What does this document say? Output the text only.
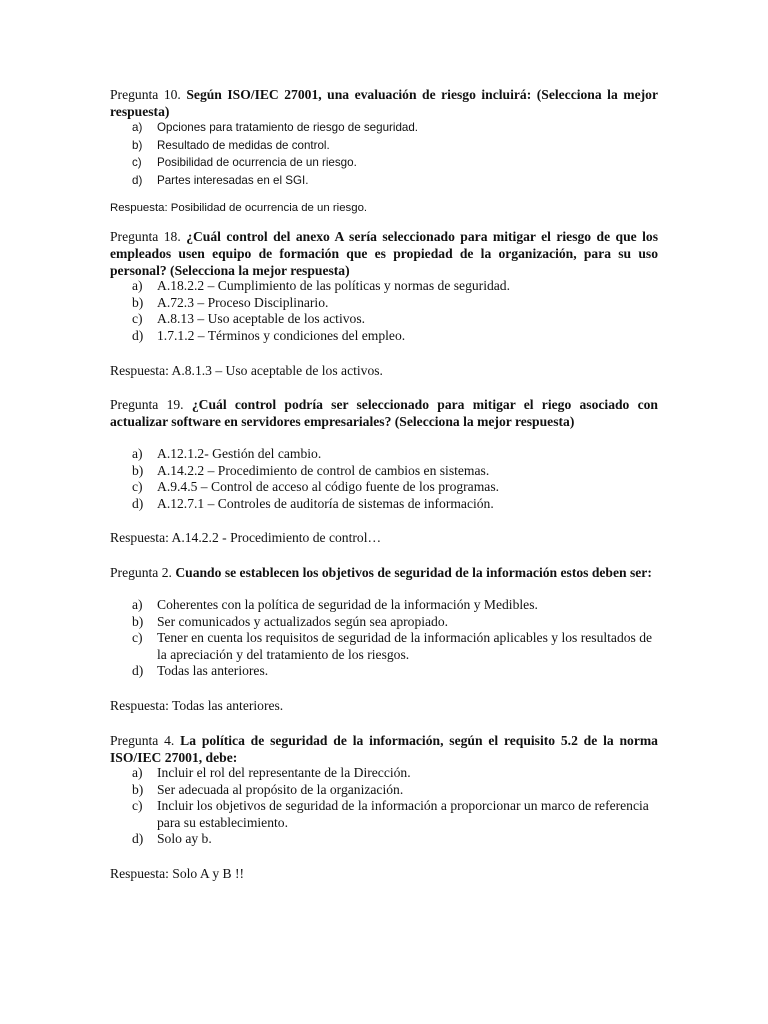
Pregunta 10. Según ISO/IEC 27001, una evaluación de riesgo incluirá: (Selecciona la mejor respuesta)
a) Opciones para tratamiento de riesgo de seguridad.
b) Resultado de medidas de control.
c) Posibilidad de ocurrencia de un riesgo.
d) Partes interesadas en el SGI.
Respuesta: Posibilidad de ocurrencia de un riesgo.
Pregunta 18. ¿Cuál control del anexo A sería seleccionado para mitigar el riesgo de que los empleados usen equipo de formación que es propiedad de la organización, para su uso personal? (Selecciona la mejor respuesta)
a) A.18.2.2 – Cumplimiento de las políticas y normas de seguridad.
b) A.72.3 – Proceso Disciplinario.
c) A.8.13 – Uso aceptable de los activos.
d) 1.7.1.2 – Términos y condiciones del empleo.
Respuesta: A.8.1.3 – Uso aceptable de los activos.
Pregunta 19. ¿Cuál control podría ser seleccionado para mitigar el riego asociado con actualizar software en servidores empresariales? (Selecciona la mejor respuesta)
a) A.12.1.2- Gestión del cambio.
b) A.14.2.2 – Procedimiento de control de cambios en sistemas.
c) A.9.4.5 – Control de acceso al código fuente de los programas.
d) A.12.7.1 – Controles de auditoría de sistemas de información.
Respuesta: A.14.2.2 - Procedimiento de control…
Pregunta 2. Cuando se establecen los objetivos de seguridad de la información estos deben ser:
a) Coherentes con la política de seguridad de la información y Medibles.
b) Ser comunicados y actualizados según sea apropiado.
c) Tener en cuenta los requisitos de seguridad de la información aplicables y los resultados de la apreciación y del tratamiento de los riesgos.
d) Todas las anteriores.
Respuesta: Todas las anteriores.
Pregunta 4. La política de seguridad de la información, según el requisito 5.2 de la norma ISO/IEC 27001, debe:
a) Incluir el rol del representante de la Dirección.
b) Ser adecuada al propósito de la organización.
c) Incluir los objetivos de seguridad de la información a proporcionar un marco de referencia para su establecimiento.
d) Solo ay b.
Respuesta: Solo A y B !!
